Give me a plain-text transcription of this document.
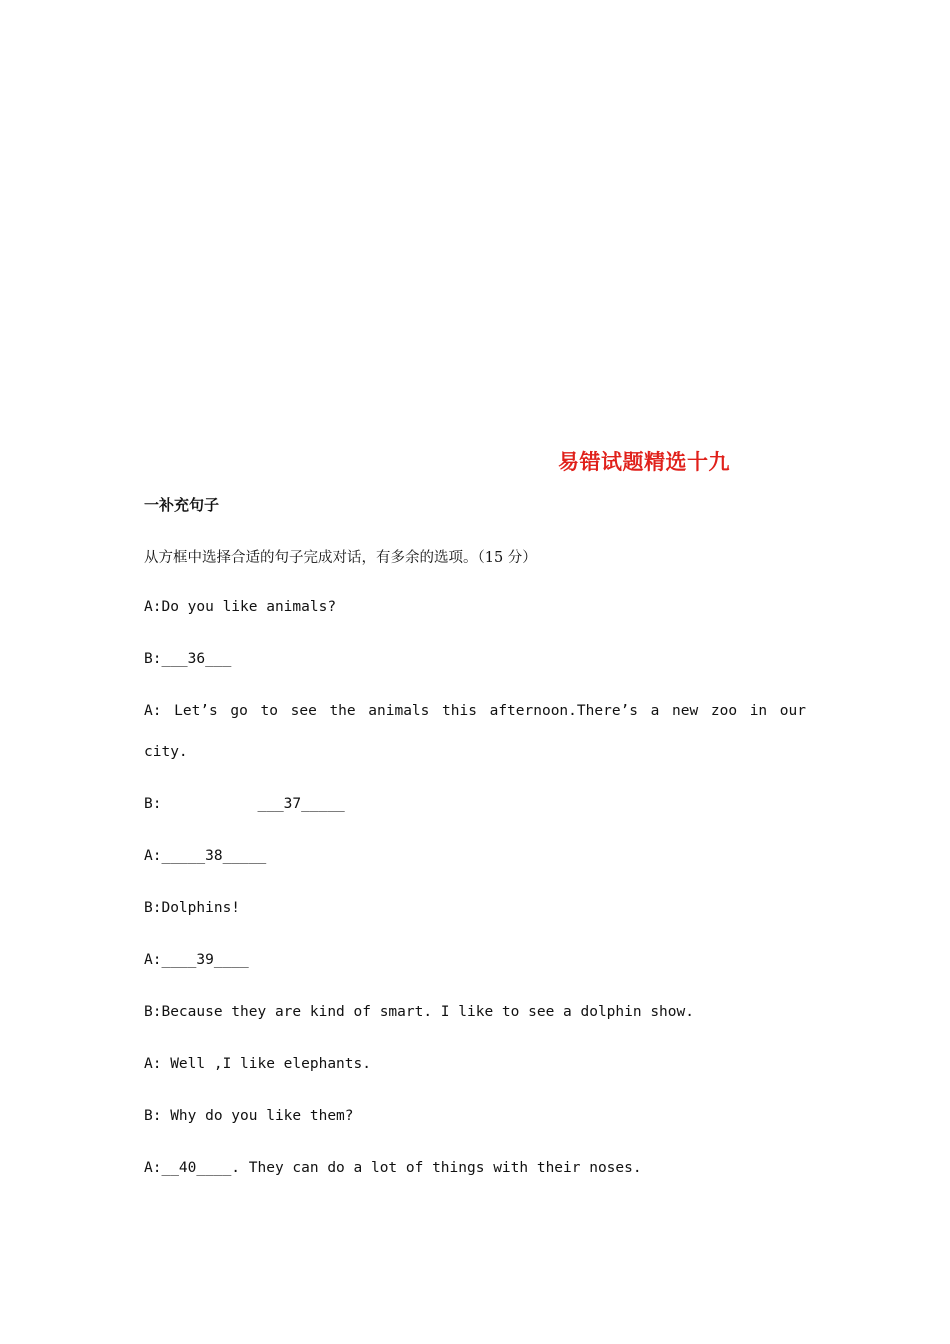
易错试题精选十九
一补充句子
从方框中选择合适的句子完成对话，有多余的选项。（15 分）
A:Do you like animals?
B:___36___
A: Let’s go to see the animals this afternoon.There’s a new zoo in our
city.
B:           ___37_____
A:_____38_____
B:Dolphins!
A:____39____
B:Because they are kind of smart. I like to see a dolphin show.
A: Well ,I like elephants.
B: Why do you like them?
A:__40____. They can do a lot of things with their noses.
